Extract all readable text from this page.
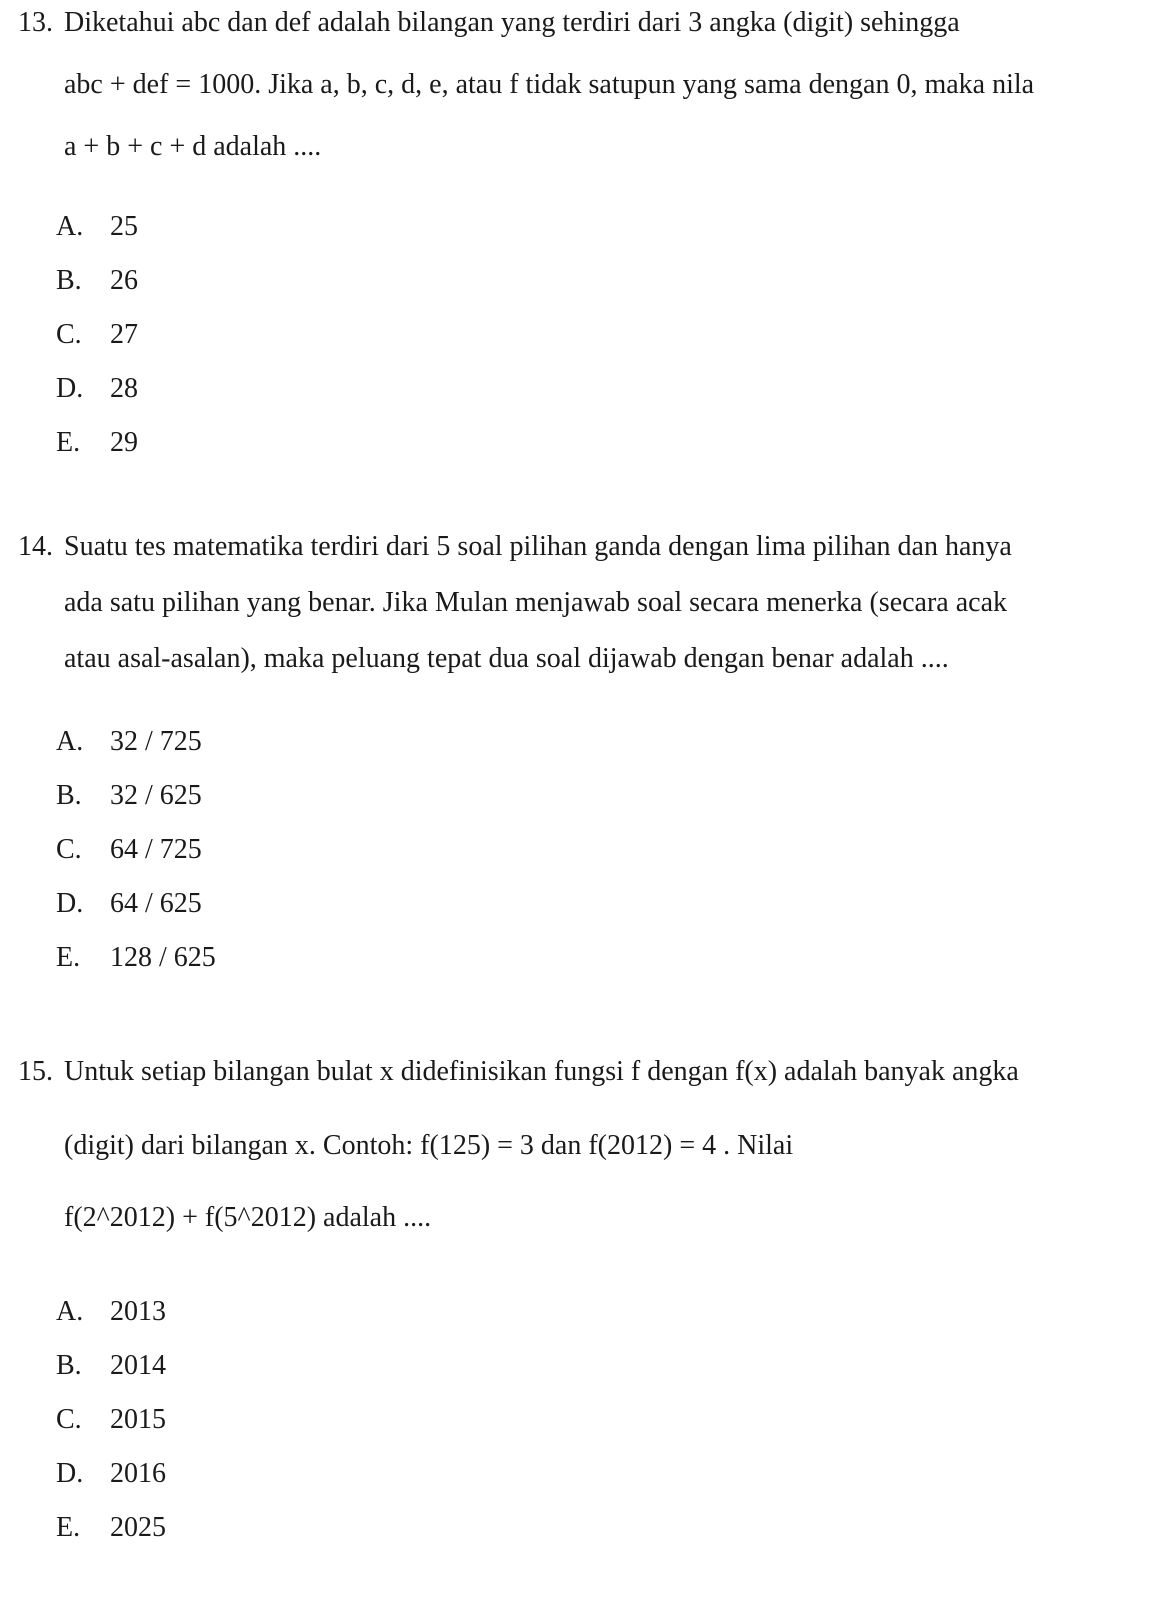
13. Diketahui abc dan def adalah bilangan yang terdiri dari 3 angka (digit) sehingga
abc + def = 1000. Jika a, b, c, d, e, atau f tidak satupun yang sama dengan 0, maka nila
a + b + c + d adalah ....
A. 25
B. 26
C. 27
D. 28
E. 29
14. Suatu tes matematika terdiri dari 5 soal pilihan ganda dengan lima pilihan dan hanya
ada satu pilihan yang benar. Jika Mulan menjawab soal secara menerka (secara acak
atau asal-asalan), maka peluang tepat dua soal dijawab dengan benar adalah ....
A. 32 / 725
B. 32 / 625
C. 64 / 725
D. 64 / 625
E. 128 / 625
15. Untuk setiap bilangan bulat x didefinisikan fungsi f dengan f(x) adalah banyak angka
(digit) dari bilangan x. Contoh: f(125) = 3 dan f(2012) = 4 . Nilai
f(2^2012) + f(5^2012) adalah ....
A. 2013
B. 2014
C. 2015
D. 2016
E. 2025
